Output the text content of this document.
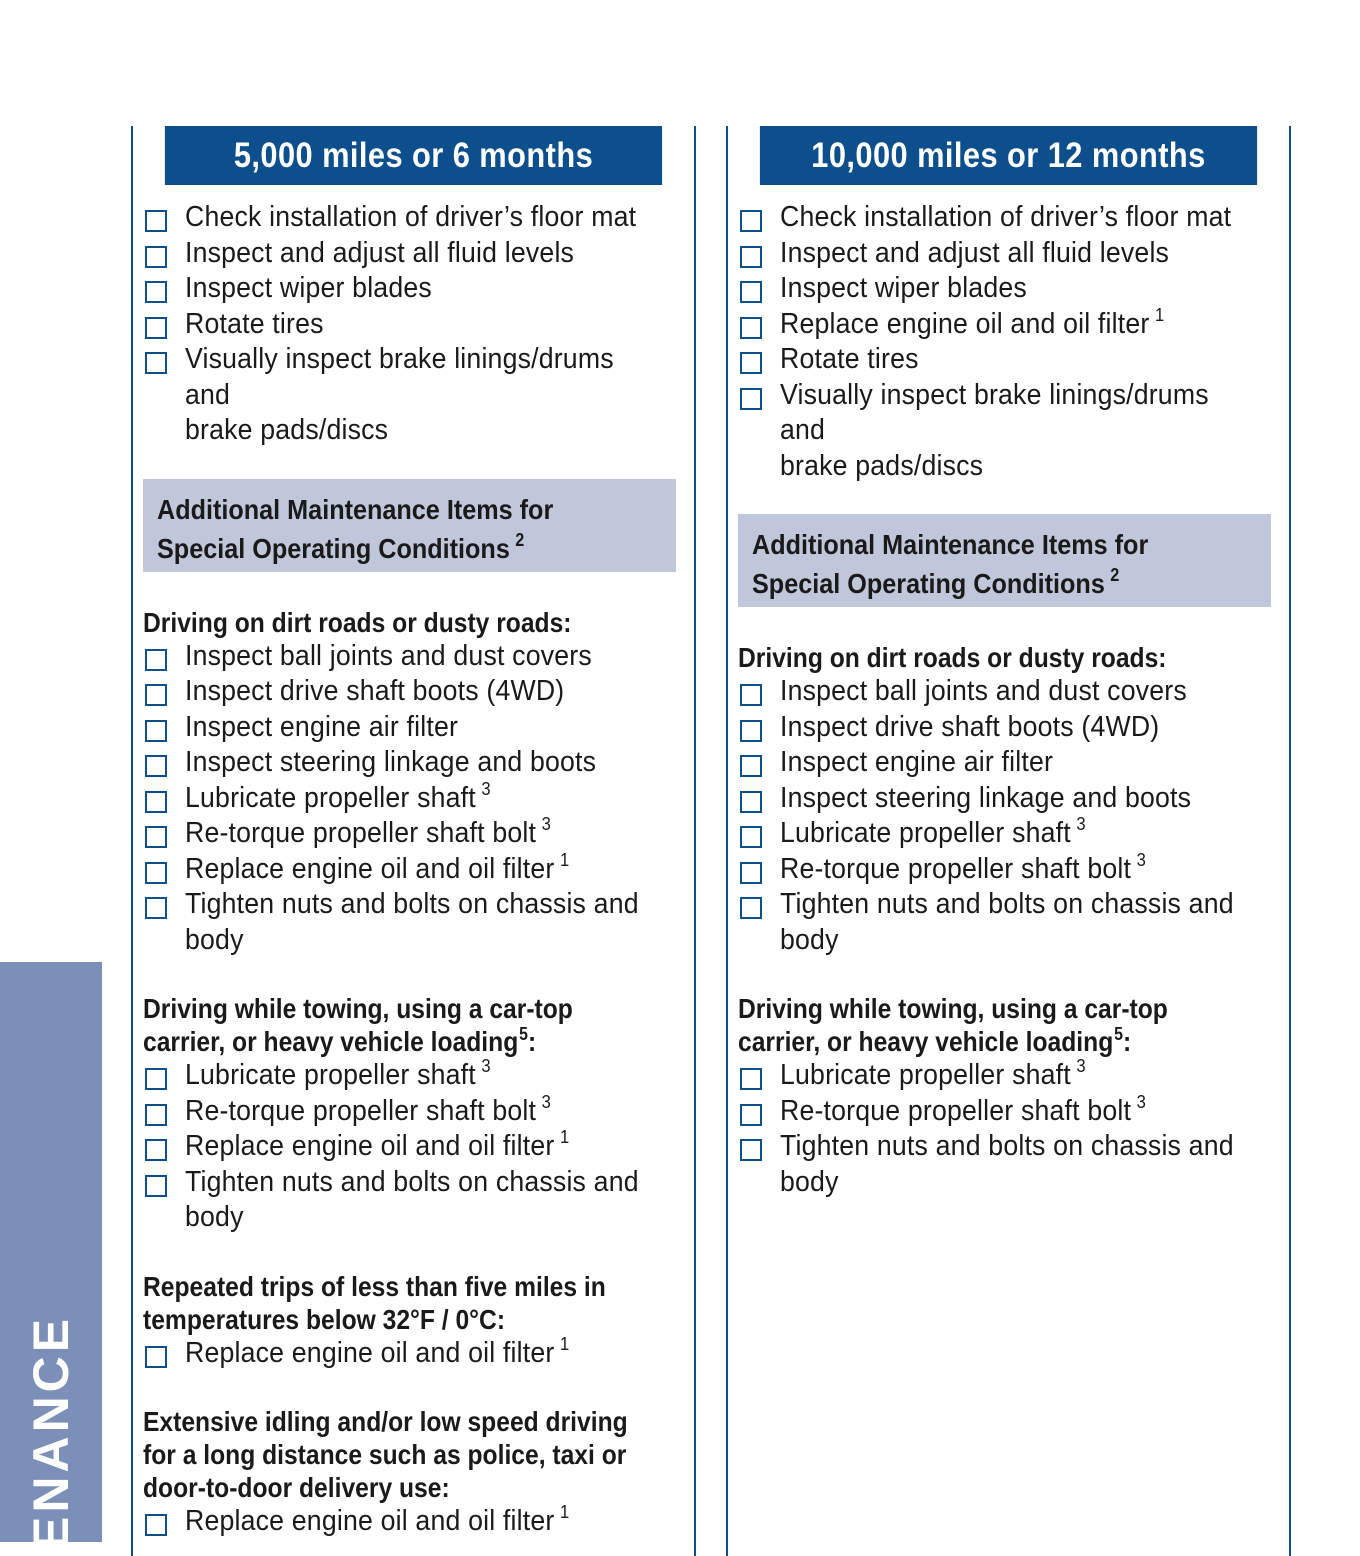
ENANCE
5,000 miles or 6 months
Check installation of driver’s floor mat
Inspect and adjust all fluid levels
Inspect wiper blades
Rotate tires
Visually inspect brake linings/drums and
brake pads/discs
Additional Maintenance Items for
Special Operating Conditions $^2$
Driving on dirt roads or dusty roads:
Inspect ball joints and dust covers
Inspect drive shaft boots (4WD)
Inspect engine air filter
Inspect steering linkage and boots
Lubricate propeller shaft $^3$
Re-torque propeller shaft bolt $^3$
Replace engine oil and oil filter $^1$
Tighten nuts and bolts on chassis and
body
Driving while towing, using a car-top
carrier, or heavy vehicle loading$^5$:
Lubricate propeller shaft $^3$
Re-torque propeller shaft bolt $^3$
Replace engine oil and oil filter $^1$
Tighten nuts and bolts on chassis and
body
Repeated trips of less than five miles in
temperatures below 32°F / 0°C:
Replace engine oil and oil filter $^1$
Extensive idling and/or low speed driving
for a long distance such as police, taxi or
door-to-door delivery use:
Replace engine oil and oil filter $^1$
10,000 miles or 12 months
Check installation of driver’s floor mat
Inspect and adjust all fluid levels
Inspect wiper blades
Replace engine oil and oil filter $^1$
Rotate tires
Visually inspect brake linings/drums and
brake pads/discs
Additional Maintenance Items for
Special Operating Conditions $^2$
Driving on dirt roads or dusty roads:
Inspect ball joints and dust covers
Inspect drive shaft boots (4WD)
Inspect engine air filter
Inspect steering linkage and boots
Lubricate propeller shaft $^3$
Re-torque propeller shaft bolt $^3$
Tighten nuts and bolts on chassis and
body
Driving while towing, using a car-top
carrier, or heavy vehicle loading$^5$:
Lubricate propeller shaft $^3$
Re-torque propeller shaft bolt $^3$
Tighten nuts and bolts on chassis and
body
